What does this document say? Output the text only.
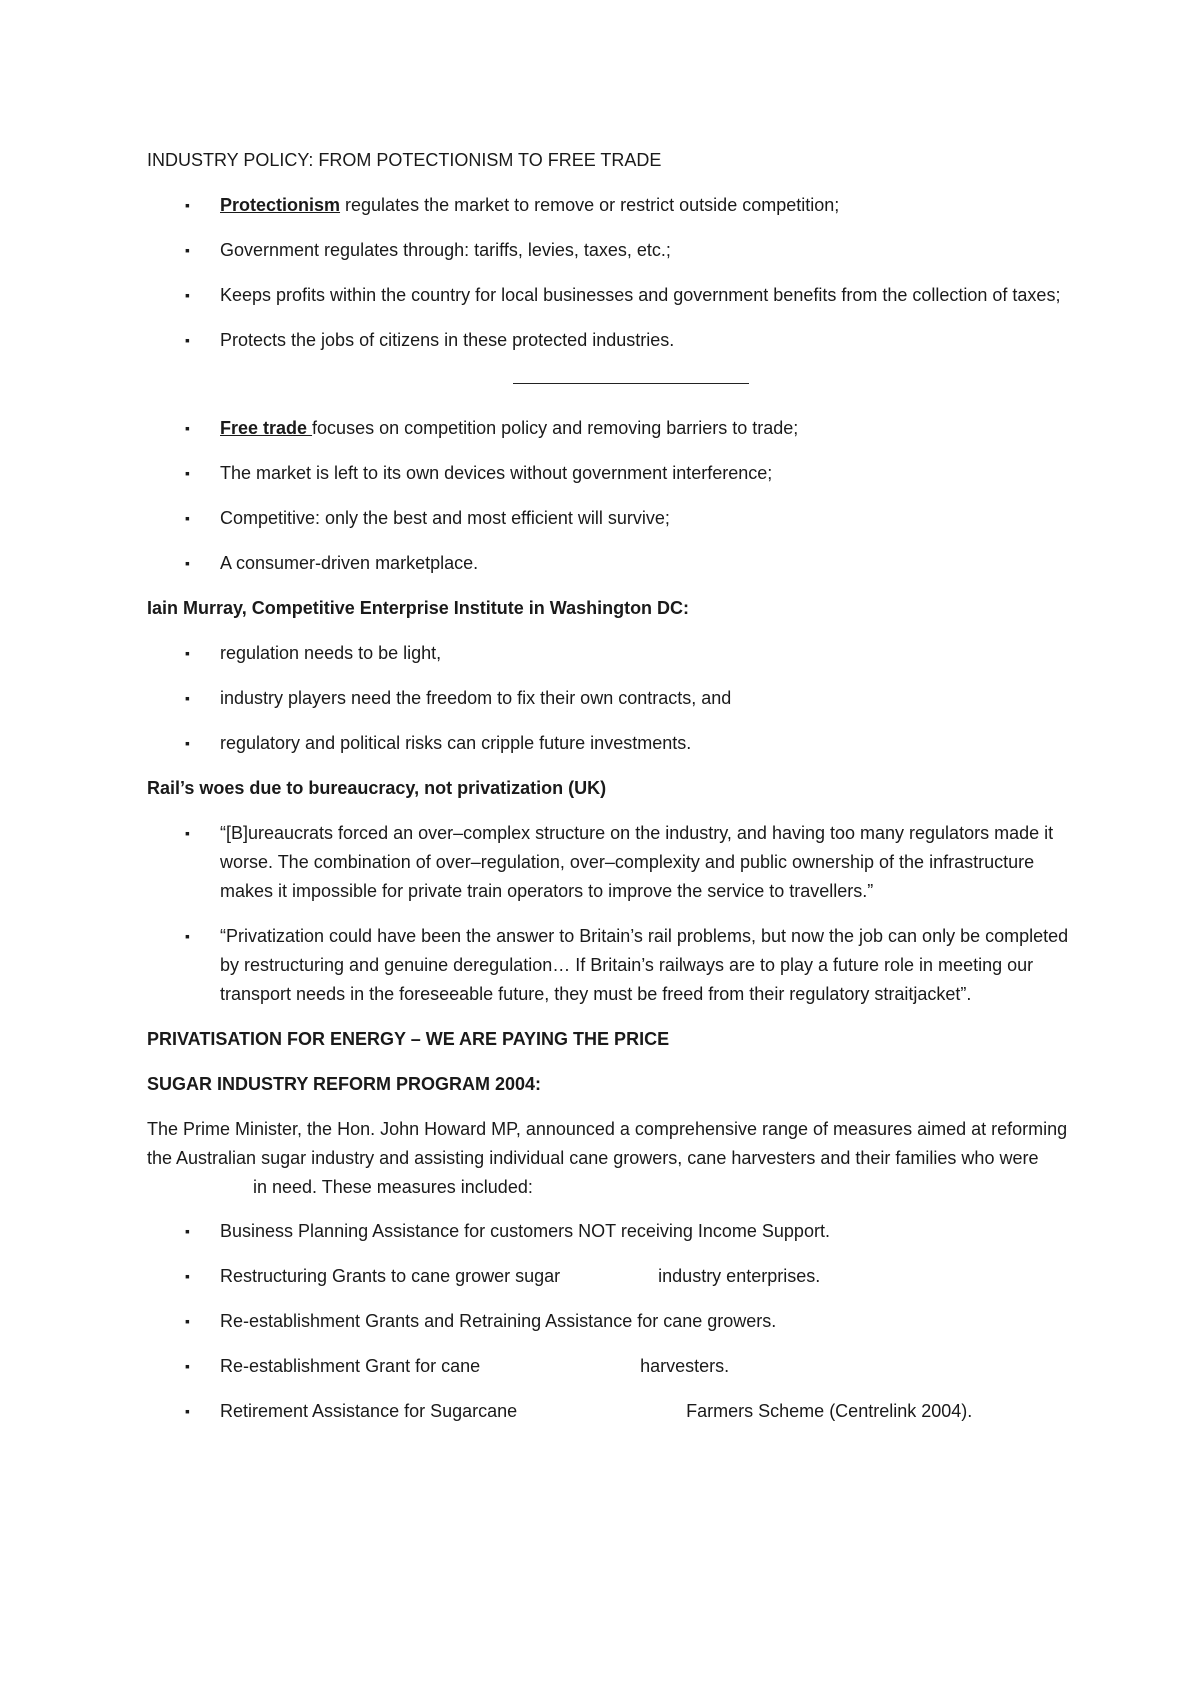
INDUSTRY POLICY: FROM POTECTIONISM TO FREE TRADE
▪ Protectionism regulates the market to remove or restrict outside competition;
▪ Government regulates through: tariffs, levies, taxes, etc.;
▪ Keeps profits within the country for local businesses and government benefits from the collection of taxes;
▪ Protects the jobs of citizens in these protected industries.
▪ Free trade focuses on competition policy and removing barriers to trade;
▪ The market is left to its own devices without government interference;
▪ Competitive: only the best and most efficient will survive;
▪ A consumer-driven marketplace.
Iain Murray, Competitive Enterprise Institute in Washington DC:
▪ regulation needs to be light,
▪ industry players need the freedom to fix their own contracts, and
▪ regulatory and political risks can cripple future investments.
Rail’s woes due to bureaucracy, not privatization (UK)
▪ “[B]ureaucrats forced an over–complex structure on the industry, and having too many regulators made it worse. The combination of over–regulation, over–complexity and public ownership of the infrastructure makes it impossible for private train operators to improve the service to travellers.”
▪ “Privatization could have been the answer to Britain’s rail problems, but now the job can only be completed by restructuring and genuine deregulation… If Britain’s railways are to play a future role in meeting our transport needs in the foreseeable future, they must be freed from their regulatory straitjacket”.
PRIVATISATION FOR ENERGY – WE ARE PAYING THE PRICE
SUGAR INDUSTRY REFORM PROGRAM 2004:
The Prime Minister, the Hon. John Howard MP, announced a comprehensive range of measures aimed at reforming the Australian sugar industry and assisting individual cane growers, cane harvesters and their families who werein need. These measures included:
▪ Business Planning Assistance for customers NOT receiving Income Support.
▪ Restructuring Grants to cane grower sugar	industry enterprises.
▪ Re-establishment Grants and Retraining Assistance for cane growers.
▪ Re-establishment Grant for cane	harvesters.
▪ Retirement Assistance for Sugarcane	Farmers Scheme (Centrelink 2004).
